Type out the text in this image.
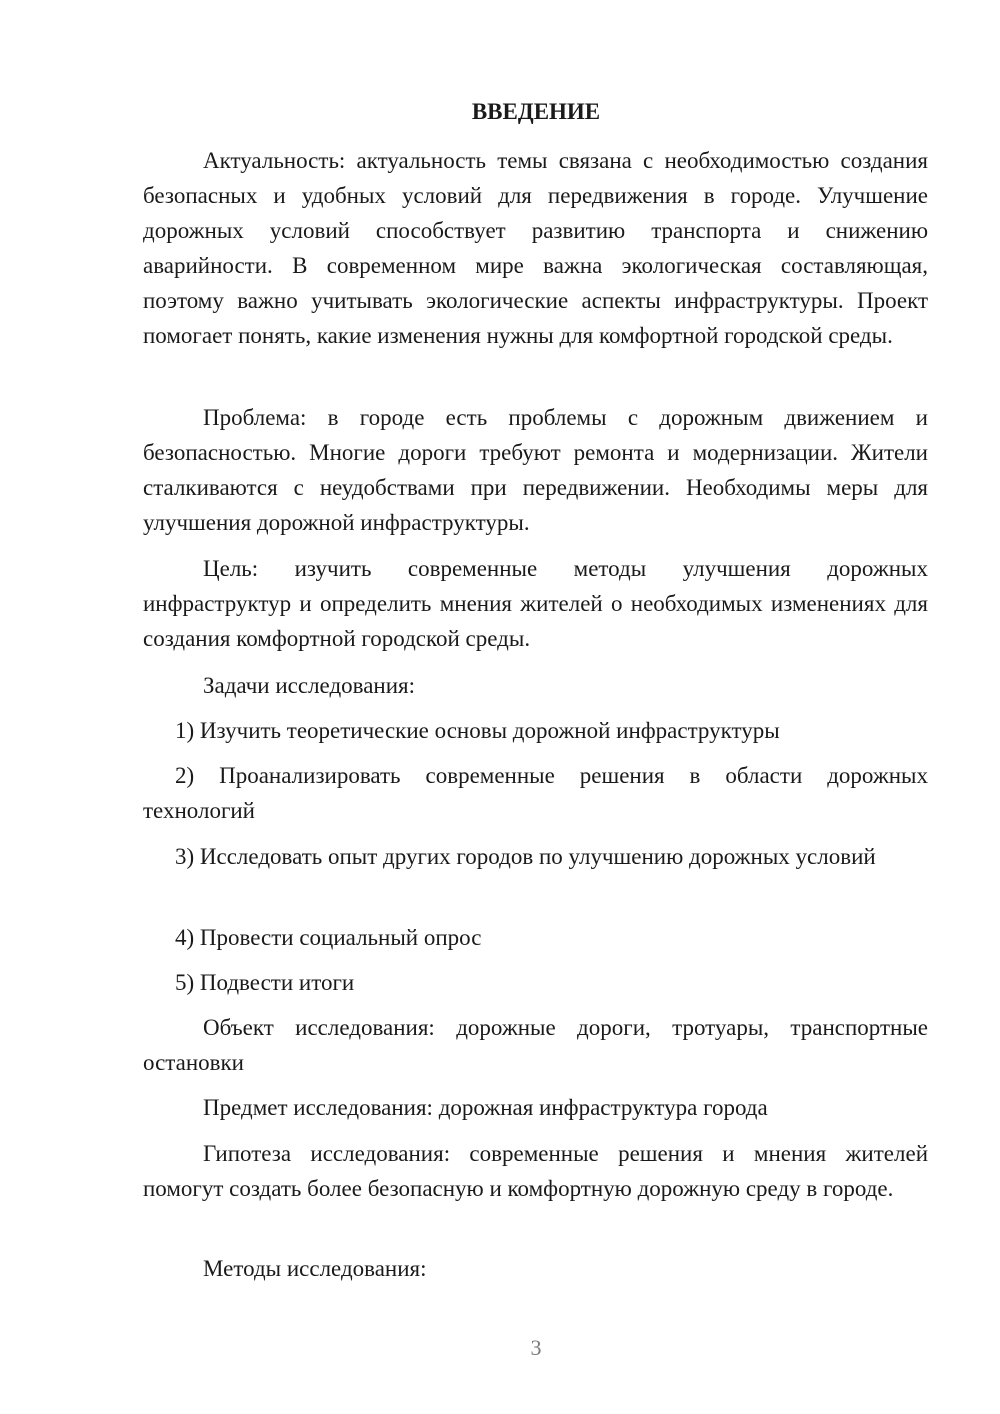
ВВЕДЕНИЕ

Актуальность: актуальность темы связана с необходимостью создания безопасных и удобных условий для передвижения в городе. Улучшение дорожных условий способствует развитию транспорта и снижению аварийности. В современном мире важна экологическая составляющая, поэтому важно учитывать экологические аспекты инфраструктуры. Проект помогает понять, какие изменения нужны для комфортной городской среды.

Проблема: в городе есть проблемы с дорожным движением и безопасностью. Многие дороги требуют ремонта и модернизации. Жители сталкиваются с неудобствами при передвижении. Необходимы меры для улучшения дорожной инфраструктуры.

Цель: изучить современные методы улучшения дорожных инфраструктур и определить мнения жителей о необходимых изменениях для создания комфортной городской среды.

Задачи исследования:

1) Изучить теоретические основы дорожной инфраструктуры

2) Проанализировать современные решения в области дорожных технологий

3) Исследовать опыт других городов по улучшению дорожных условий

4) Провести социальный опрос

5) Подвести итоги

Объект исследования: дорожные дороги, тротуары, транспортные остановки

Предмет исследования: дорожная инфраструктура города

Гипотеза исследования: современные решения и мнения жителей помогут создать более безопасную и комфортную дорожную среду в городе.

Методы исследования:

3
